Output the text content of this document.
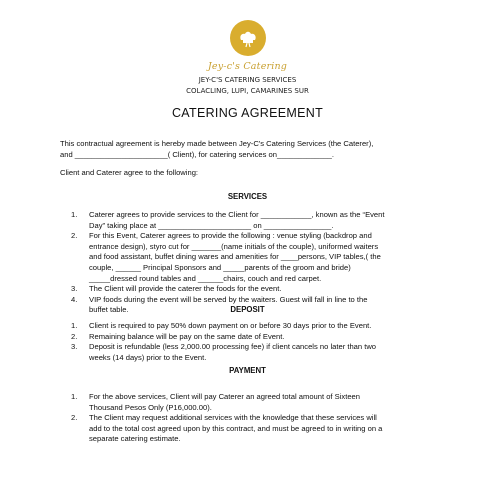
Jey-c's Catering
JEY-C'S CATERING SERVICES
COLACLING, LUPI, CAMARINES SUR
CATERING AGREEMENT
This contractual agreement is hereby made between Jey-C's Catering Services (the Caterer),
and ______________________( Client), for catering services on_____________.
Client and Caterer agree to the following:
SERVICES
1. Caterer agrees to provide services to the Client for ____________, known as the “Event
Day” taking place at ______________________ on ________________.
2. For this Event, Caterer agrees to provide the following : venue styling (backdrop and
entrance design), styro cut for _______(name initials of the couple), uniformed waiters
and food assistant, buffet dining wares and amenities for ____persons, VIP tables,( the
couple, ______ Principal Sponsors and _____parents of the groom and bride)
_____dressed round tables and ______chairs, couch and red carpet.
3. The Client will provide the caterer the foods for the event.
4. VIP foods during the event will be served by the waiters. Guest will fall in line to the
buffet table.	DEPOSIT
1. Client is required to pay 50% down payment on or before 30 days prior to the Event.
2. Remaining balance will be pay on the same date of Event.
3. Deposit is refundable (less 2,000.00 processing fee) if client cancels no later than two
weeks (14 days) prior to the Event.
PAYMENT
1. For the above services, Client will pay Caterer an agreed total amount of Sixteen
Thousand Pesos Only (P16,000.00).
2. The Client may request additional services with the knowledge that these services will
add to the total cost agreed upon by this contract, and must be agreed to in writing on a
separate catering estimate.
